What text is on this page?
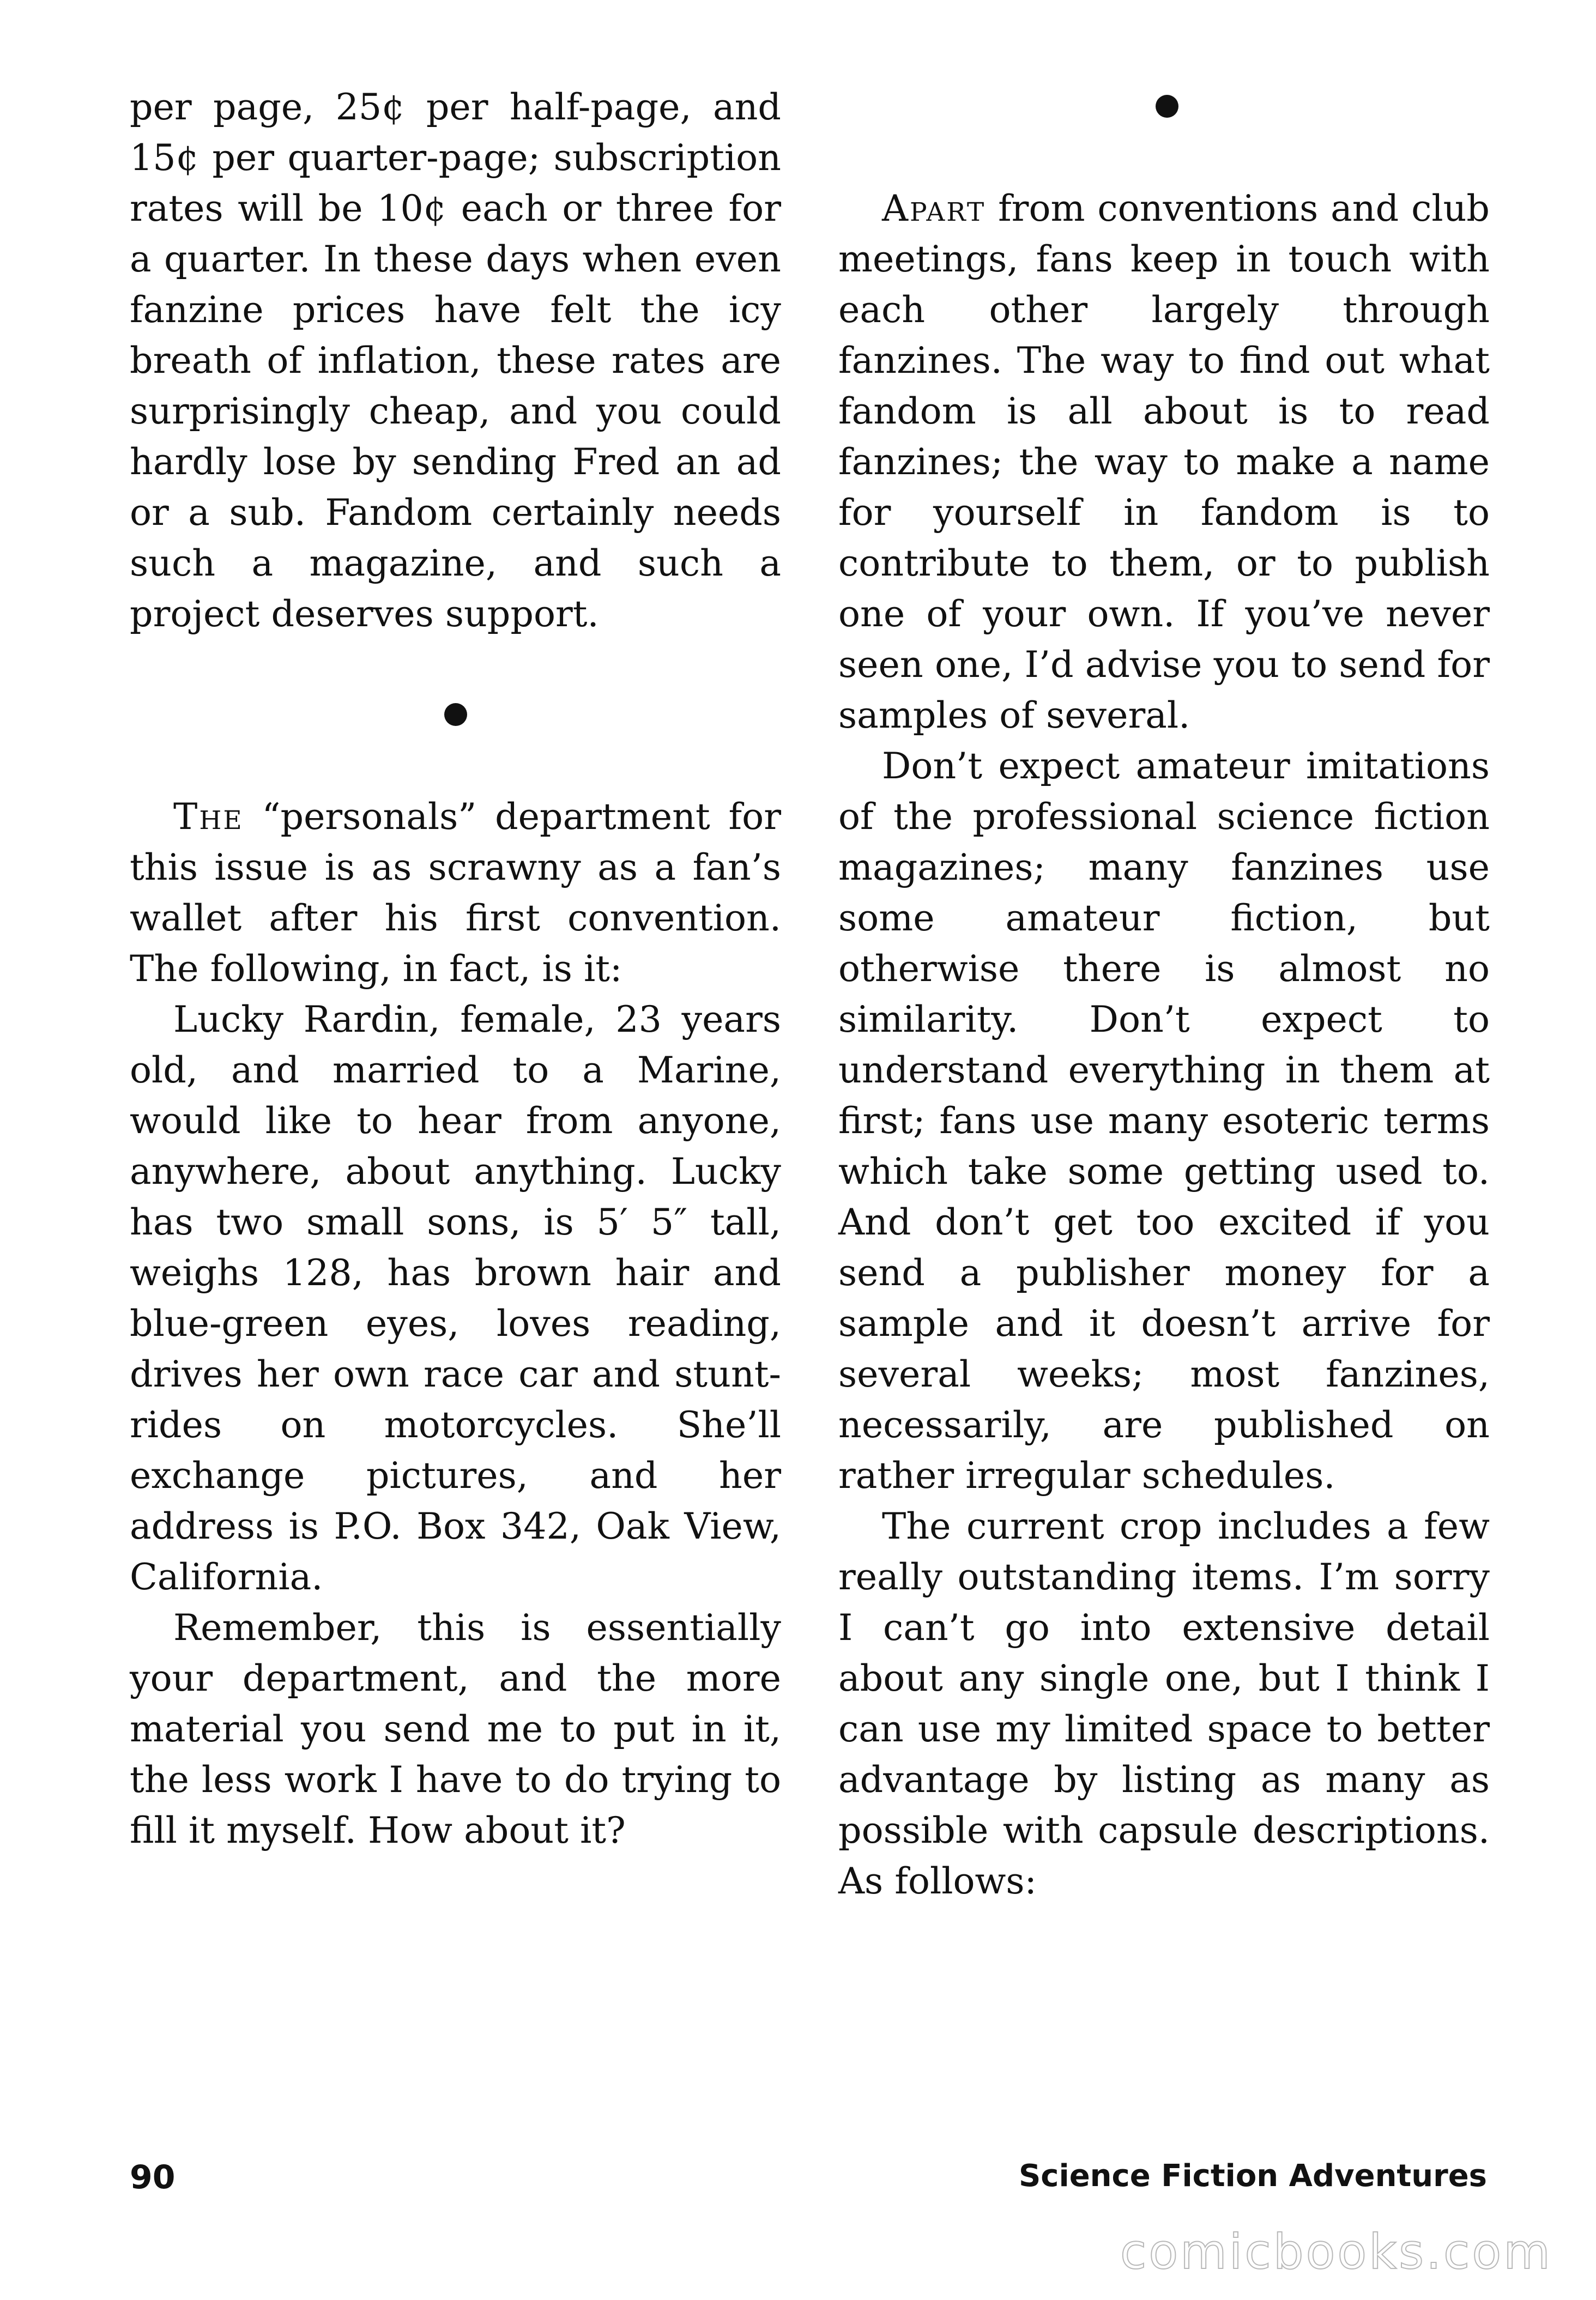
per page, 25¢ per half-page, and 15¢ per quarter-page; subscription rates will be 10¢ each or three for a quarter. In these days when even fanzine prices have felt the icy breath of inflation, these rates are surprisingly cheap, and you could hardly lose by sending Fred an ad or a sub. Fandom certainly needs such a magazine, and such a project deserves support.

The “personals” department for this issue is as scrawny as a fan’s wallet after his first convention. The following, in fact, is it:

Lucky Rardin, female, 23 years old, and married to a Marine, would like to hear from anyone, anywhere, about anything. Lucky has two small sons, is 5′ 5″ tall, weighs 128, has brown hair and blue-green eyes, loves reading, drives her own race car and stunt-rides on motorcycles. She’ll exchange pictures, and her address is P.O. Box 342, Oak View, California.

Remember, this is essentially your department, and the more material you send me to put in it, the less work I have to do trying to fill it myself. How about it?

Apart from conventions and club meetings, fans keep in touch with each other largely through fanzines. The way to find out what fandom is all about is to read fanzines; the way to make a name for yourself in fandom is to contribute to them, or to publish one of your own. If you’ve never seen one, I’d advise you to send for samples of several.

Don’t expect amateur imitations of the professional science fiction magazines; many fanzines use some amateur fiction, but otherwise there is almost no similarity. Don’t expect to understand everything in them at first; fans use many esoteric terms which take some getting used to. And don’t get too excited if you send a publisher money for a sample and it doesn’t arrive for several weeks; most fanzines, necessarily, are published on rather irregular schedules.

The current crop includes a few really outstanding items. I’m sorry I can’t go into extensive detail about any single one, but I think I can use my limited space to better advantage by listing as many as possible with capsule descriptions. As follows:

90	Science Fiction Adventures
comicbooks.com
